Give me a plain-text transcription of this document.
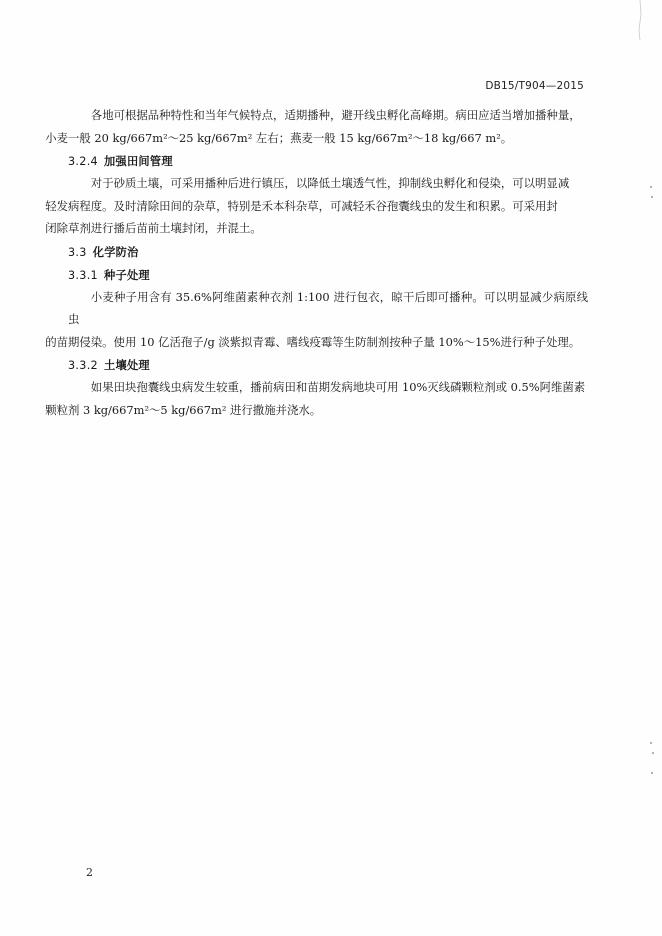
DB15/T904—2015

各地可根据品种特性和当年气候特点，适期播种，避开线虫孵化高峰期。病田应适当增加播种量，
小麦一般 20 kg/667m²～25 kg/667m² 左右；燕麦一般 15 kg/667m²～18 kg/667 m²。

3.2.4 加强田间管理

对于砂质土壤，可采用播种后进行镇压，以降低土壤透气性，抑制线虫孵化和侵染，可以明显减
轻发病程度。及时清除田间的杂草，特别是禾本科杂草，可减轻禾谷孢囊线虫的发生和积累。可采用封
闭除草剂进行播后苗前土壤封闭，并混土。

3.3 化学防治
3.3.1 种子处理

小麦种子用含有 35.6%阿维菌素种衣剂 1:100 进行包衣，晾干后即可播种。可以明显减少病原线虫
的苗期侵染。使用 10 亿活孢子/g 淡紫拟青霉、嗜线疫霉等生防制剂按种子量 10%～15%进行种子处理。

3.3.2 土壤处理

如果田块孢囊线虫病发生较重，播前病田和苗期发病地块可用 10%灭线磷颗粒剂或 0.5%阿维菌素
颗粒剂 3 kg/667m²～5 kg/667m² 进行撒施并浇水。

2
